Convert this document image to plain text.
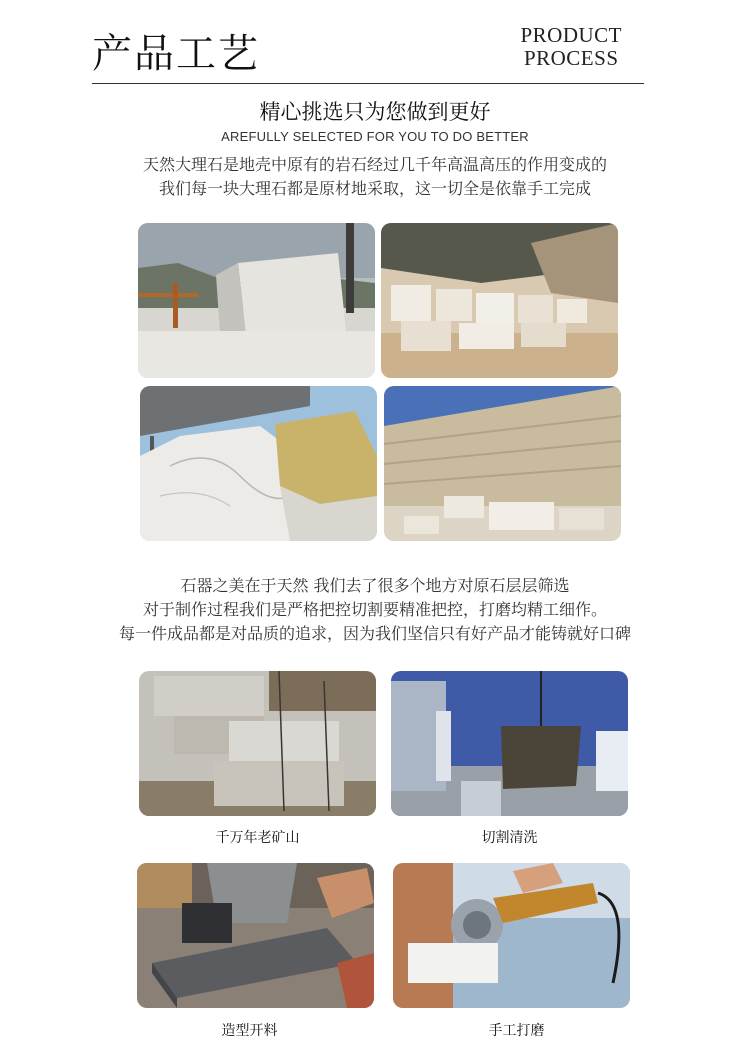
产品工艺	PRODUCT
PROCESS
精心挑选只为您做到更好
AREFULLY SELECTED FOR YOU TO DO BETTER

天然大理石是地壳中原有的岩石经过几千年高温高压的作用变成的

我们每一块大理石都是原材地采取，这一切全是依靠手工完成

石器之美在于天然 我们去了很多个地方对原石层层筛选

对于制作过程我们是严格把控切割要精准把控，打磨均精工细作。

每一件成品都是对品质的追求，因为我们坚信只有好产品才能铸就好口碑

千万年老矿山	切割清洗
造型开料	手工打磨
